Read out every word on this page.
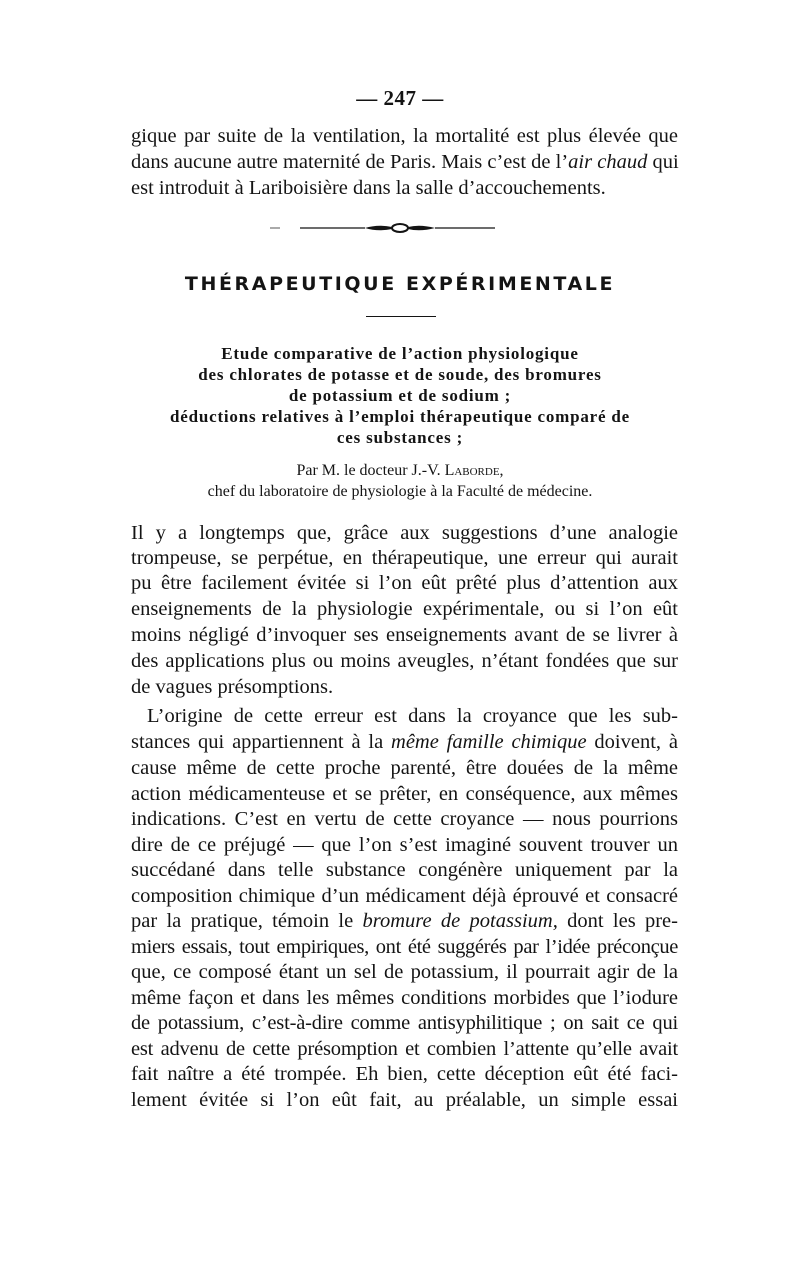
— 247 —
gique par suite de la ventilation, la mortalité est plus élevée que
dans aucune autre maternité de Paris. Mais c’est de l’air chaud qui
est introduit à Lariboisière dans la salle d’accouchements.
THÉRAPEUTIQUE EXPÉRIMENTALE
Etude comparative de l’action physiologique
des chlorates de potasse et de soude, des bromures
de potassium et de sodium ;
déductions relatives à l’emploi thérapeutique comparé de
ces substances ;
Par M. le docteur J.-V. Laborde,
chef du laboratoire de physiologie à la Faculté de médecine.
Il y a longtemps que, grâce aux suggestions d’une analogie
trompeuse, se perpétue, en thérapeutique, une erreur qui aurait
pu être facilement évitée si l’on eût prêté plus d’attention aux
enseignements de la physiologie expérimentale, ou si l’on eût
moins négligé d’invoquer ses enseignements avant de se livrer à
des applications plus ou moins aveugles, n’étant fondées que sur
de vagues présomptions.
L’origine de cette erreur est dans la croyance que les sub-
stances qui appartiennent à la même famille chimique doivent, à
cause même de cette proche parenté, être douées de la même
action médicamenteuse et se prêter, en conséquence, aux mêmes
indications. C’est en vertu de cette croyance — nous pourrions
dire de ce préjugé — que l’on s’est imaginé souvent trouver un
succédané dans telle substance congénère uniquement par la
composition chimique d’un médicament déjà éprouvé et consacré
par la pratique, témoin le bromure de potassium, dont les pre-
miers essais, tout empiriques, ont été suggérés par l’idée préconçue
que, ce composé étant un sel de potassium, il pourrait agir de la
même façon et dans les mêmes conditions morbides que l’iodure
de potassium, c’est-à-dire comme antisyphilitique ; on sait ce qui
est advenu de cette présomption et combien l’attente qu’elle avait
fait naître a été trompée. Eh bien, cette déception eût été faci-
lement évitée si l’on eût fait, au préalable, un simple essai
